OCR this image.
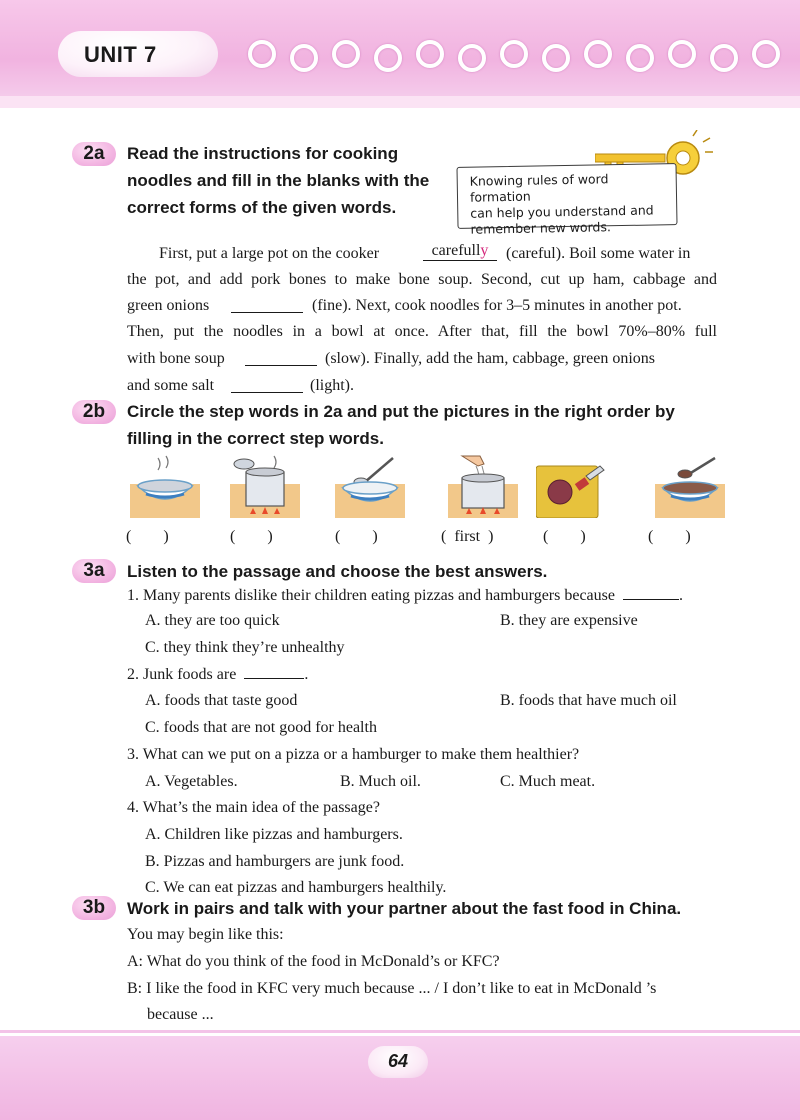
UNIT 7
2a	Read the instructions for cooking
noodles and fill in the blanks with the
correct forms of the given words.
Knowing rules of word formation
can help you understand and
remember new words.
First, put a large pot on the cooker	(careful). Boil some water in
carefully
the pot, and add pork bones to make bone soup. Second, cut up ham, cabbage and
green onions	(fine). Next, cook noodles for 3–5 minutes in another pot.
Then, put the noodles in a bowl at once. After that, fill the bowl 70%–80% full
with bone soup	(slow). Finally, add the ham, cabbage, green onions
and some salt	(light).
2b	Circle the step words in 2a and put the pictures in the right order by
filling in the correct step words.
(        )	(        )	(        )	(  first  )	(        )	(        )
3a	Listen to the passage and choose the best answers.
1. Many parents dislike their children eating pizzas and hamburgers because	.
A. they are too quick	B. they are expensive
C. they think they’re unhealthy
2. Junk foods are	.
A. foods that taste good	B. foods that have much oil
C. foods that are not good for health
3. What can we put on a pizza or a hamburger to make them healthier?
A. Vegetables.	B. Much oil.	C. Much meat.
4. What’s the main idea of the passage?
A. Children like pizzas and hamburgers.
B. Pizzas and hamburgers are junk food.
C. We can eat pizzas and hamburgers healthily.
3b	Work in pairs and talk with your partner about the fast food in China.
You may begin like this:
A: What do you think of the food in McDonald’s or KFC?
B: I like the food in KFC very much because ... / I don’t like to eat in McDonald ’s
because ...
64
